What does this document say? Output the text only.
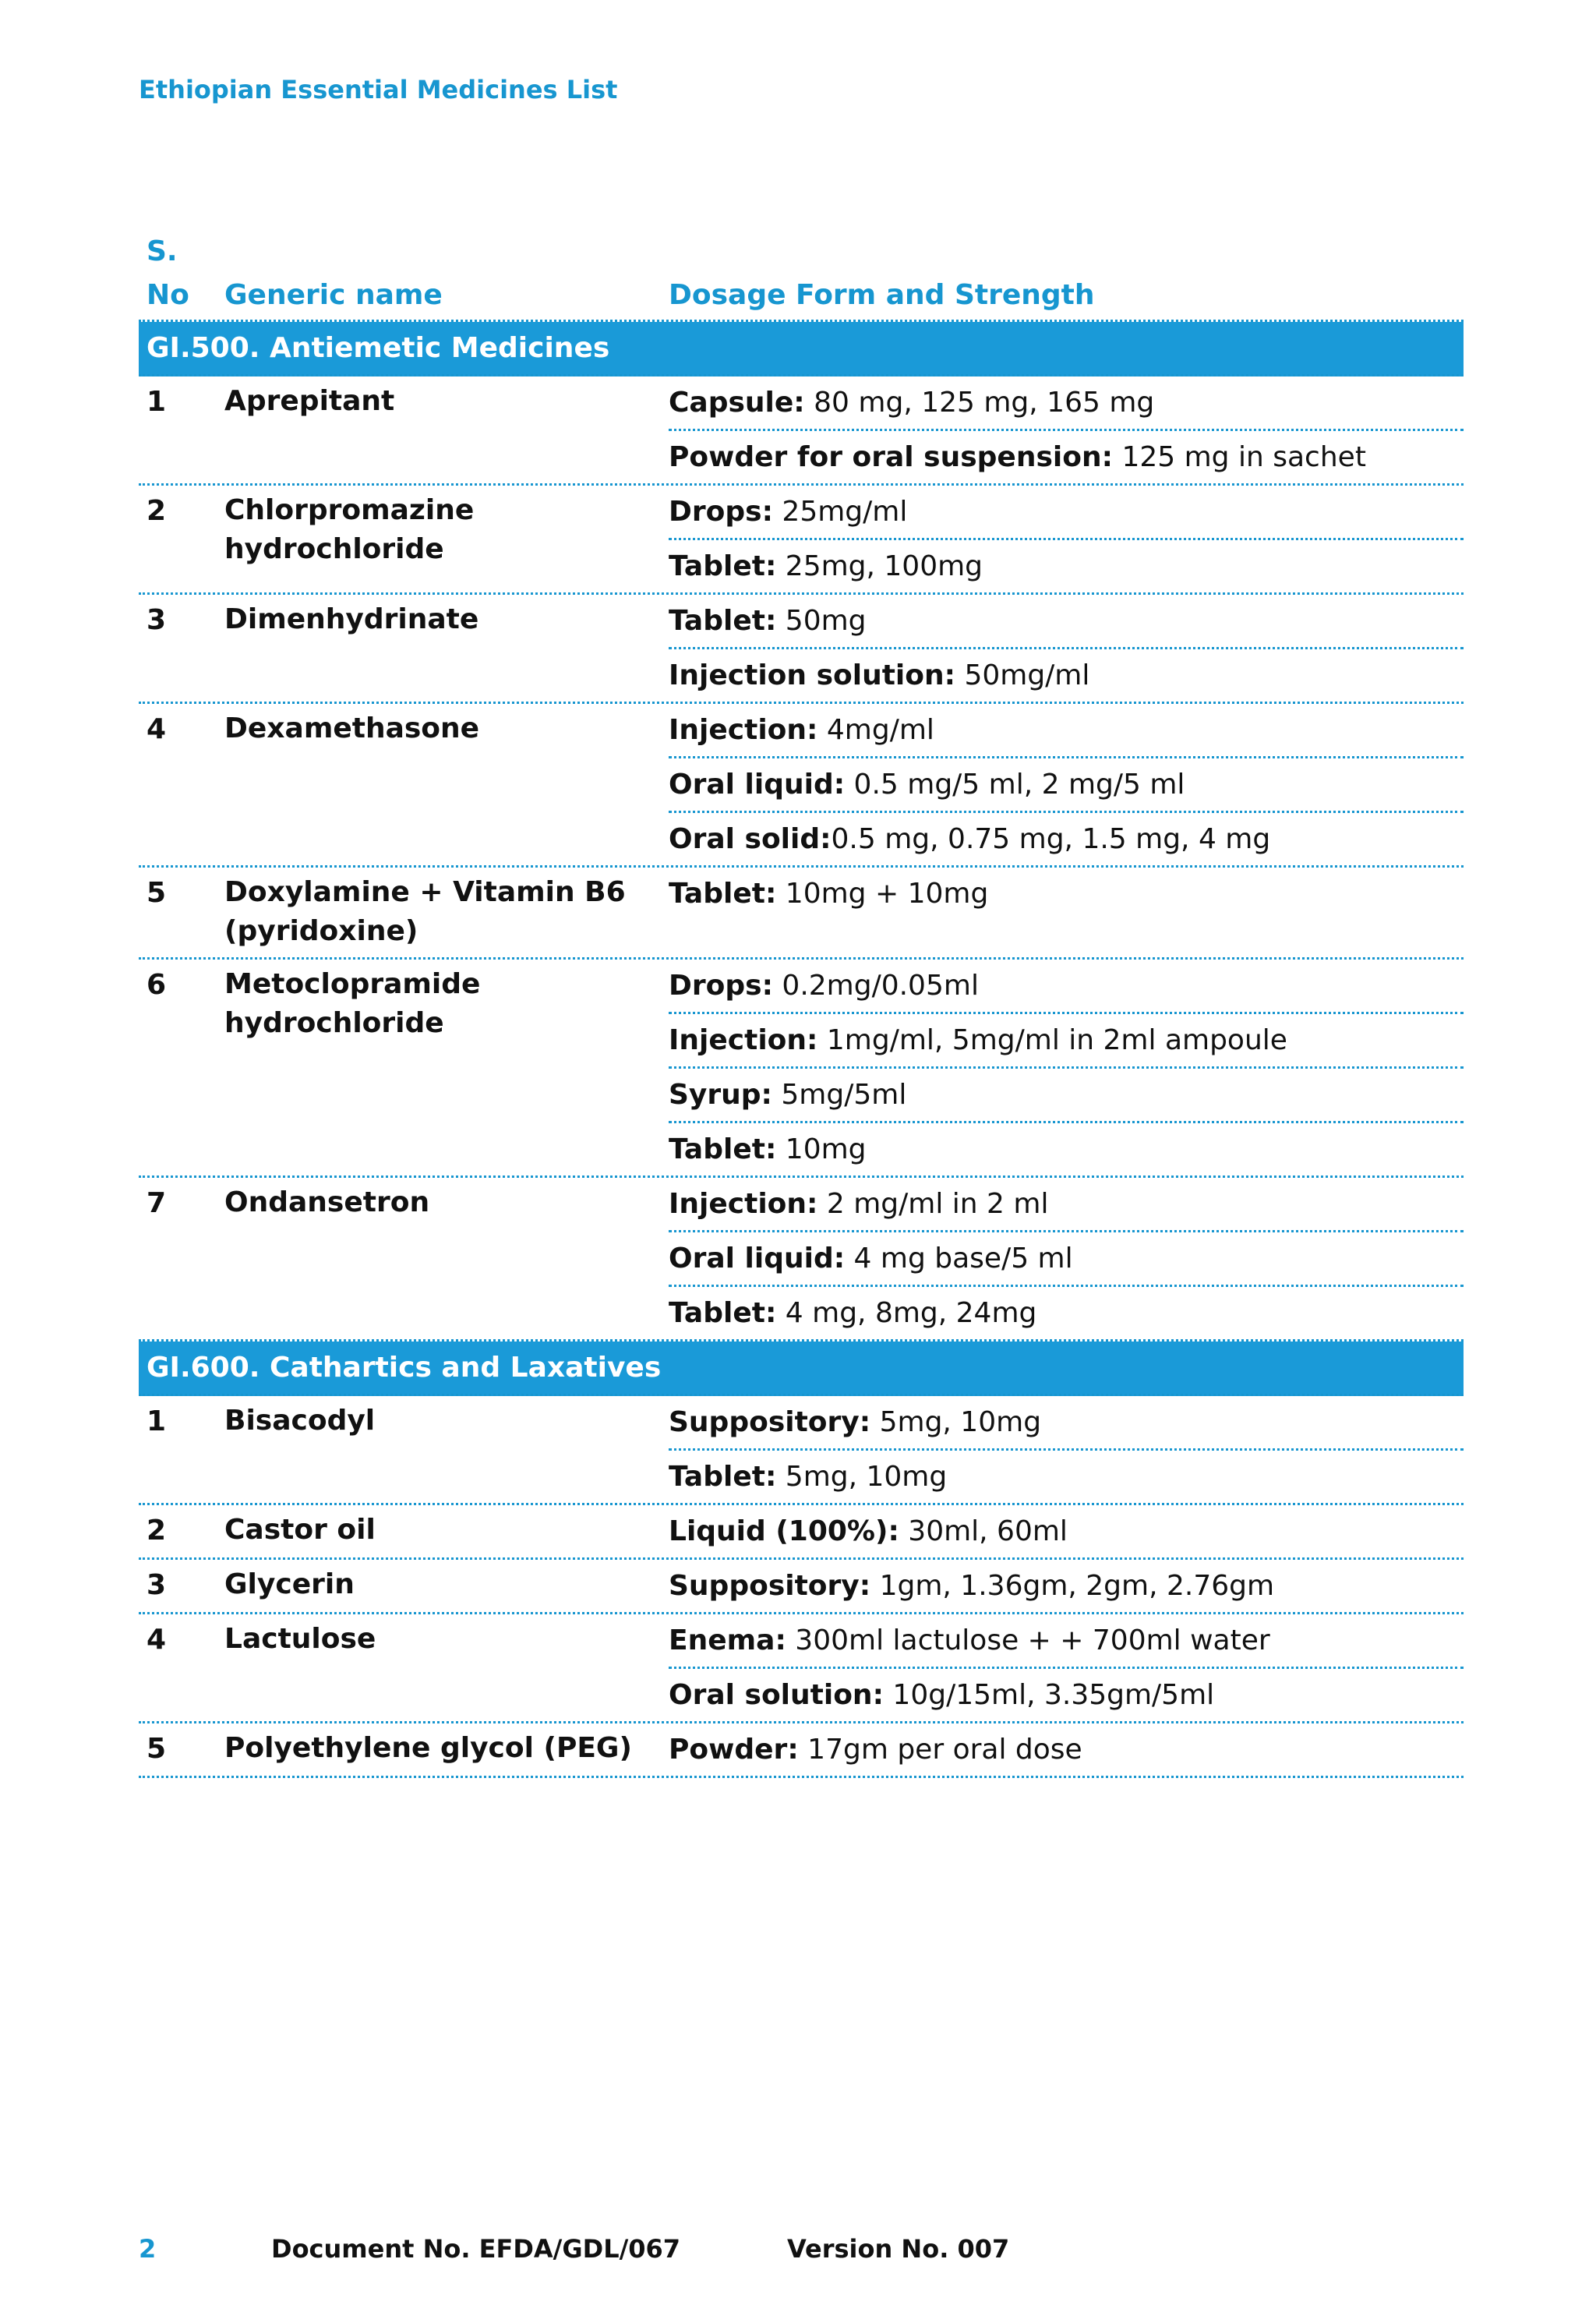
Ethiopian Essential Medicines List
S.
No Generic name	Dosage Form and Strength
GI.500. Antiemetic Medicines
1	Aprepitant	Capsule: 80 mg, 125 mg, 165 mg
Powder for oral suspension: 125 mg in sachet
2	Chlorpromazine hydrochloride
Drops: 25mg/ml
Tablet: 25mg, 100mg
3	Dimenhydrinate	Tablet: 50mg
Injection solution: 50mg/ml
4	Dexamethasone	Injection: 4mg/ml
Oral liquid: 0.5 mg/5 ml, 2 mg/5 ml
Oral solid:0.5 mg, 0.75 mg, 1.5 mg, 4 mg
5	Doxylamine + Vitamin B6 (pyridoxine)
Tablet: 10mg + 10mg
6	Metoclopramide hydrochloride
Drops: 0.2mg/0.05ml
Injection: 1mg/ml, 5mg/ml in 2ml ampoule
Syrup: 5mg/5ml
Tablet: 10mg
7	Ondansetron	Injection: 2 mg/ml in 2 ml
Oral liquid: 4 mg base/5 ml
Tablet: 4 mg, 8mg, 24mg
GI.600. Cathartics and Laxatives
1	Bisacodyl	Suppository: 5mg, 10mg
Tablet: 5mg, 10mg
2	Castor oil	Liquid (100%): 30ml, 60ml
3	Glycerin	Suppository: 1gm, 1.36gm, 2gm, 2.76gm
4	Lactulose	Enema: 300ml lactulose + + 700ml water
Oral solution: 10g/15ml, 3.35gm/5ml
5	Polyethylene glycol (PEG)	Powder: 17gm per oral dose
2	Document No. EFDA/GDL/067	Version No. 007
